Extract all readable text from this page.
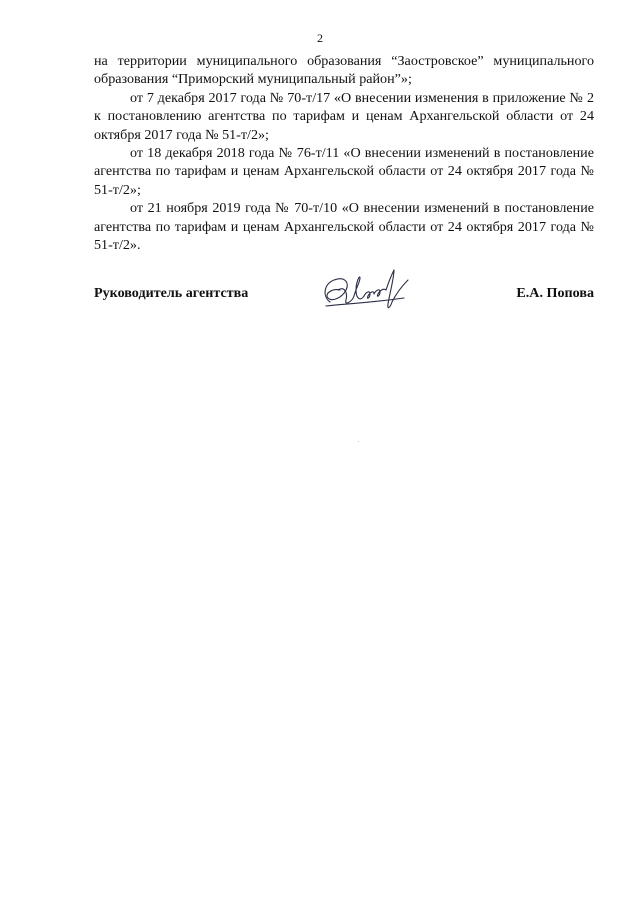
2

на территории муниципального образования “Заостровское” муниципального образования “Приморский муниципальный район”»;

от 7 декабря 2017 года № 70-т/17 «О внесении изменения в приложение № 2 к постановлению агентства по тарифам и ценам Архангельской области от 24 октября 2017 года № 51-т/2»;

от 18 декабря 2018 года № 76-т/11 «О внесении изменений в постановление агентства по тарифам и ценам Архангельской области от 24 октября 2017 года № 51-т/2»;

от 21 ноября 2019 года № 70-т/10 «О внесении изменений в постановление агентства по тарифам и ценам Архангельской области от 24 октября 2017 года № 51-т/2».

Руководитель агентства	Е.А. Попова
